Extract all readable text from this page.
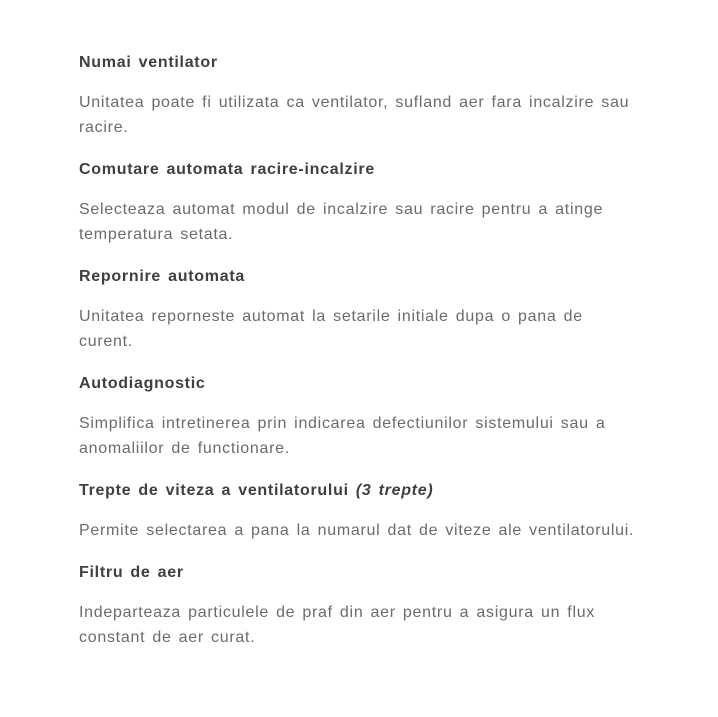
Numai ventilator

Unitatea poate fi utilizata ca ventilator, sufland aer fara incalzire sau
racire.

Comutare automata racire-incalzire

Selecteaza automat modul de incalzire sau racire pentru a atinge
temperatura setata.

Repornire automata

Unitatea reporneste automat la setarile initiale dupa o pana de
curent.

Autodiagnostic

Simplifica intretinerea prin indicarea defectiunilor sistemului sau a
anomaliilor de functionare.

Trepte de viteza a ventilatorului (3 trepte)

Permite selectarea a pana la numarul dat de viteze ale ventilatorului.

Filtru de aer

Indeparteaza particulele de praf din aer pentru a asigura un flux
constant de aer curat.
